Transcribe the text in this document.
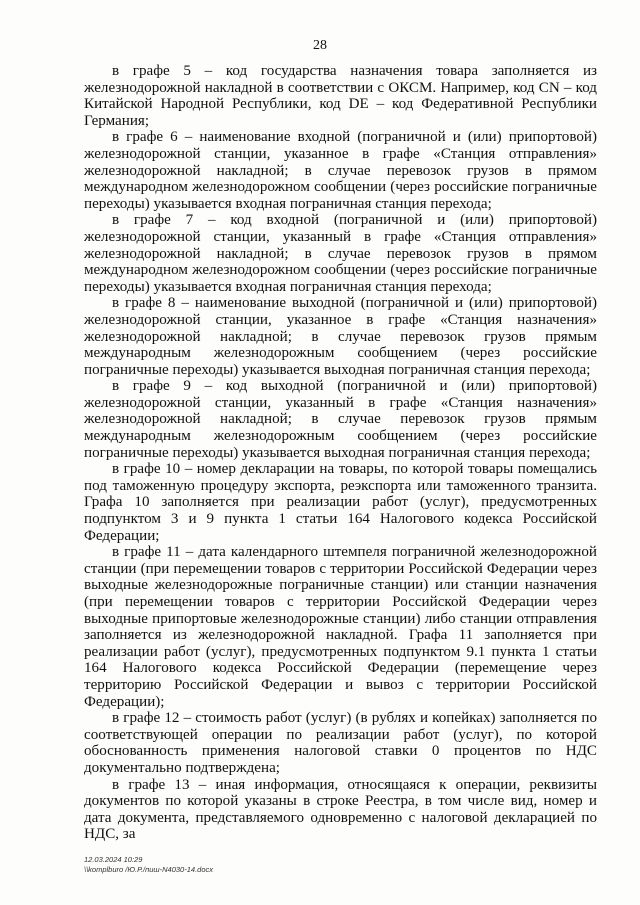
28

в графе 5 – код государства назначения товара заполняется из железнодорожной накладной в соответствии с ОКСМ. Например, код CN – код Китайской Народной Республики, код DE – код Федеративной Республики Германия;

в графе 6 – наименование входной (пограничной и (или) припортовой) железнодорожной станции, указанное в графе «Станция отправления» железнодорожной накладной; в случае перевозок грузов в прямом международном железнодорожном сообщении (через российские пограничные переходы) указывается входная пограничная станция перехода;

в графе 7 – код входной (пограничной и (или) припортовой) железнодорожной станции, указанный в графе «Станция отправления» железнодорожной накладной; в случае перевозок грузов в прямом международном железнодорожном сообщении (через российские пограничные переходы) указывается входная пограничная станция перехода;

в графе 8 – наименование выходной (пограничной и (или) припортовой) железнодорожной станции, указанное в графе «Станция назначения» железнодорожной накладной; в случае перевозок грузов прямым международным железнодорожным сообщением (через российские пограничные переходы) указывается выходная пограничная станция перехода;

в графе 9 – код выходной (пограничной и (или) припортовой) железнодорожной станции, указанный в графе «Станция назначения» железнодорожной накладной; в случае перевозок грузов прямым международным железнодорожным сообщением (через российские пограничные переходы) указывается выходная пограничная станция перехода;

в графе 10 – номер декларации на товары, по которой товары помещались под таможенную процедуру экспорта, реэкспорта или таможенного транзита. Графа 10 заполняется при реализации работ (услуг), предусмотренных подпунктом 3 и 9 пункта 1 статьи 164 Налогового кодекса Российской Федерации;

в графе 11 – дата календарного штемпеля пограничной железнодорожной станции (при перемещении товаров с территории Российской Федерации через выходные железнодорожные пограничные станции) или станции назначения (при перемещении товаров с территории Российской Федерации через выходные припортовые железнодорожные станции) либо станции отправления заполняется из железнодорожной накладной. Графа 11 заполняется при реализации работ (услуг), предусмотренных подпунктом 9.1 пункта 1 статьи 164 Налогового кодекса Российской Федерации (перемещение через территорию Российской Федерации и вывоз с территории Российской Федерации);

в графе 12 – стоимость работ (услуг) (в рублях и копейках) заполняется по соответствующей операции по реализации работ (услуг), по которой обоснованность применения налоговой ставки 0 процентов по НДС документально подтверждена;

в графе 13 – иная информация, относящаяся к операции, реквизиты документов по которой указаны в строке Реестра, в том числе вид, номер и дата документа, представляемого одновременно с налоговой декларацией по НДС, за

12.03.2024 10:29
\\komplburo /Ю.Р./пиш-N4030-14.docx
